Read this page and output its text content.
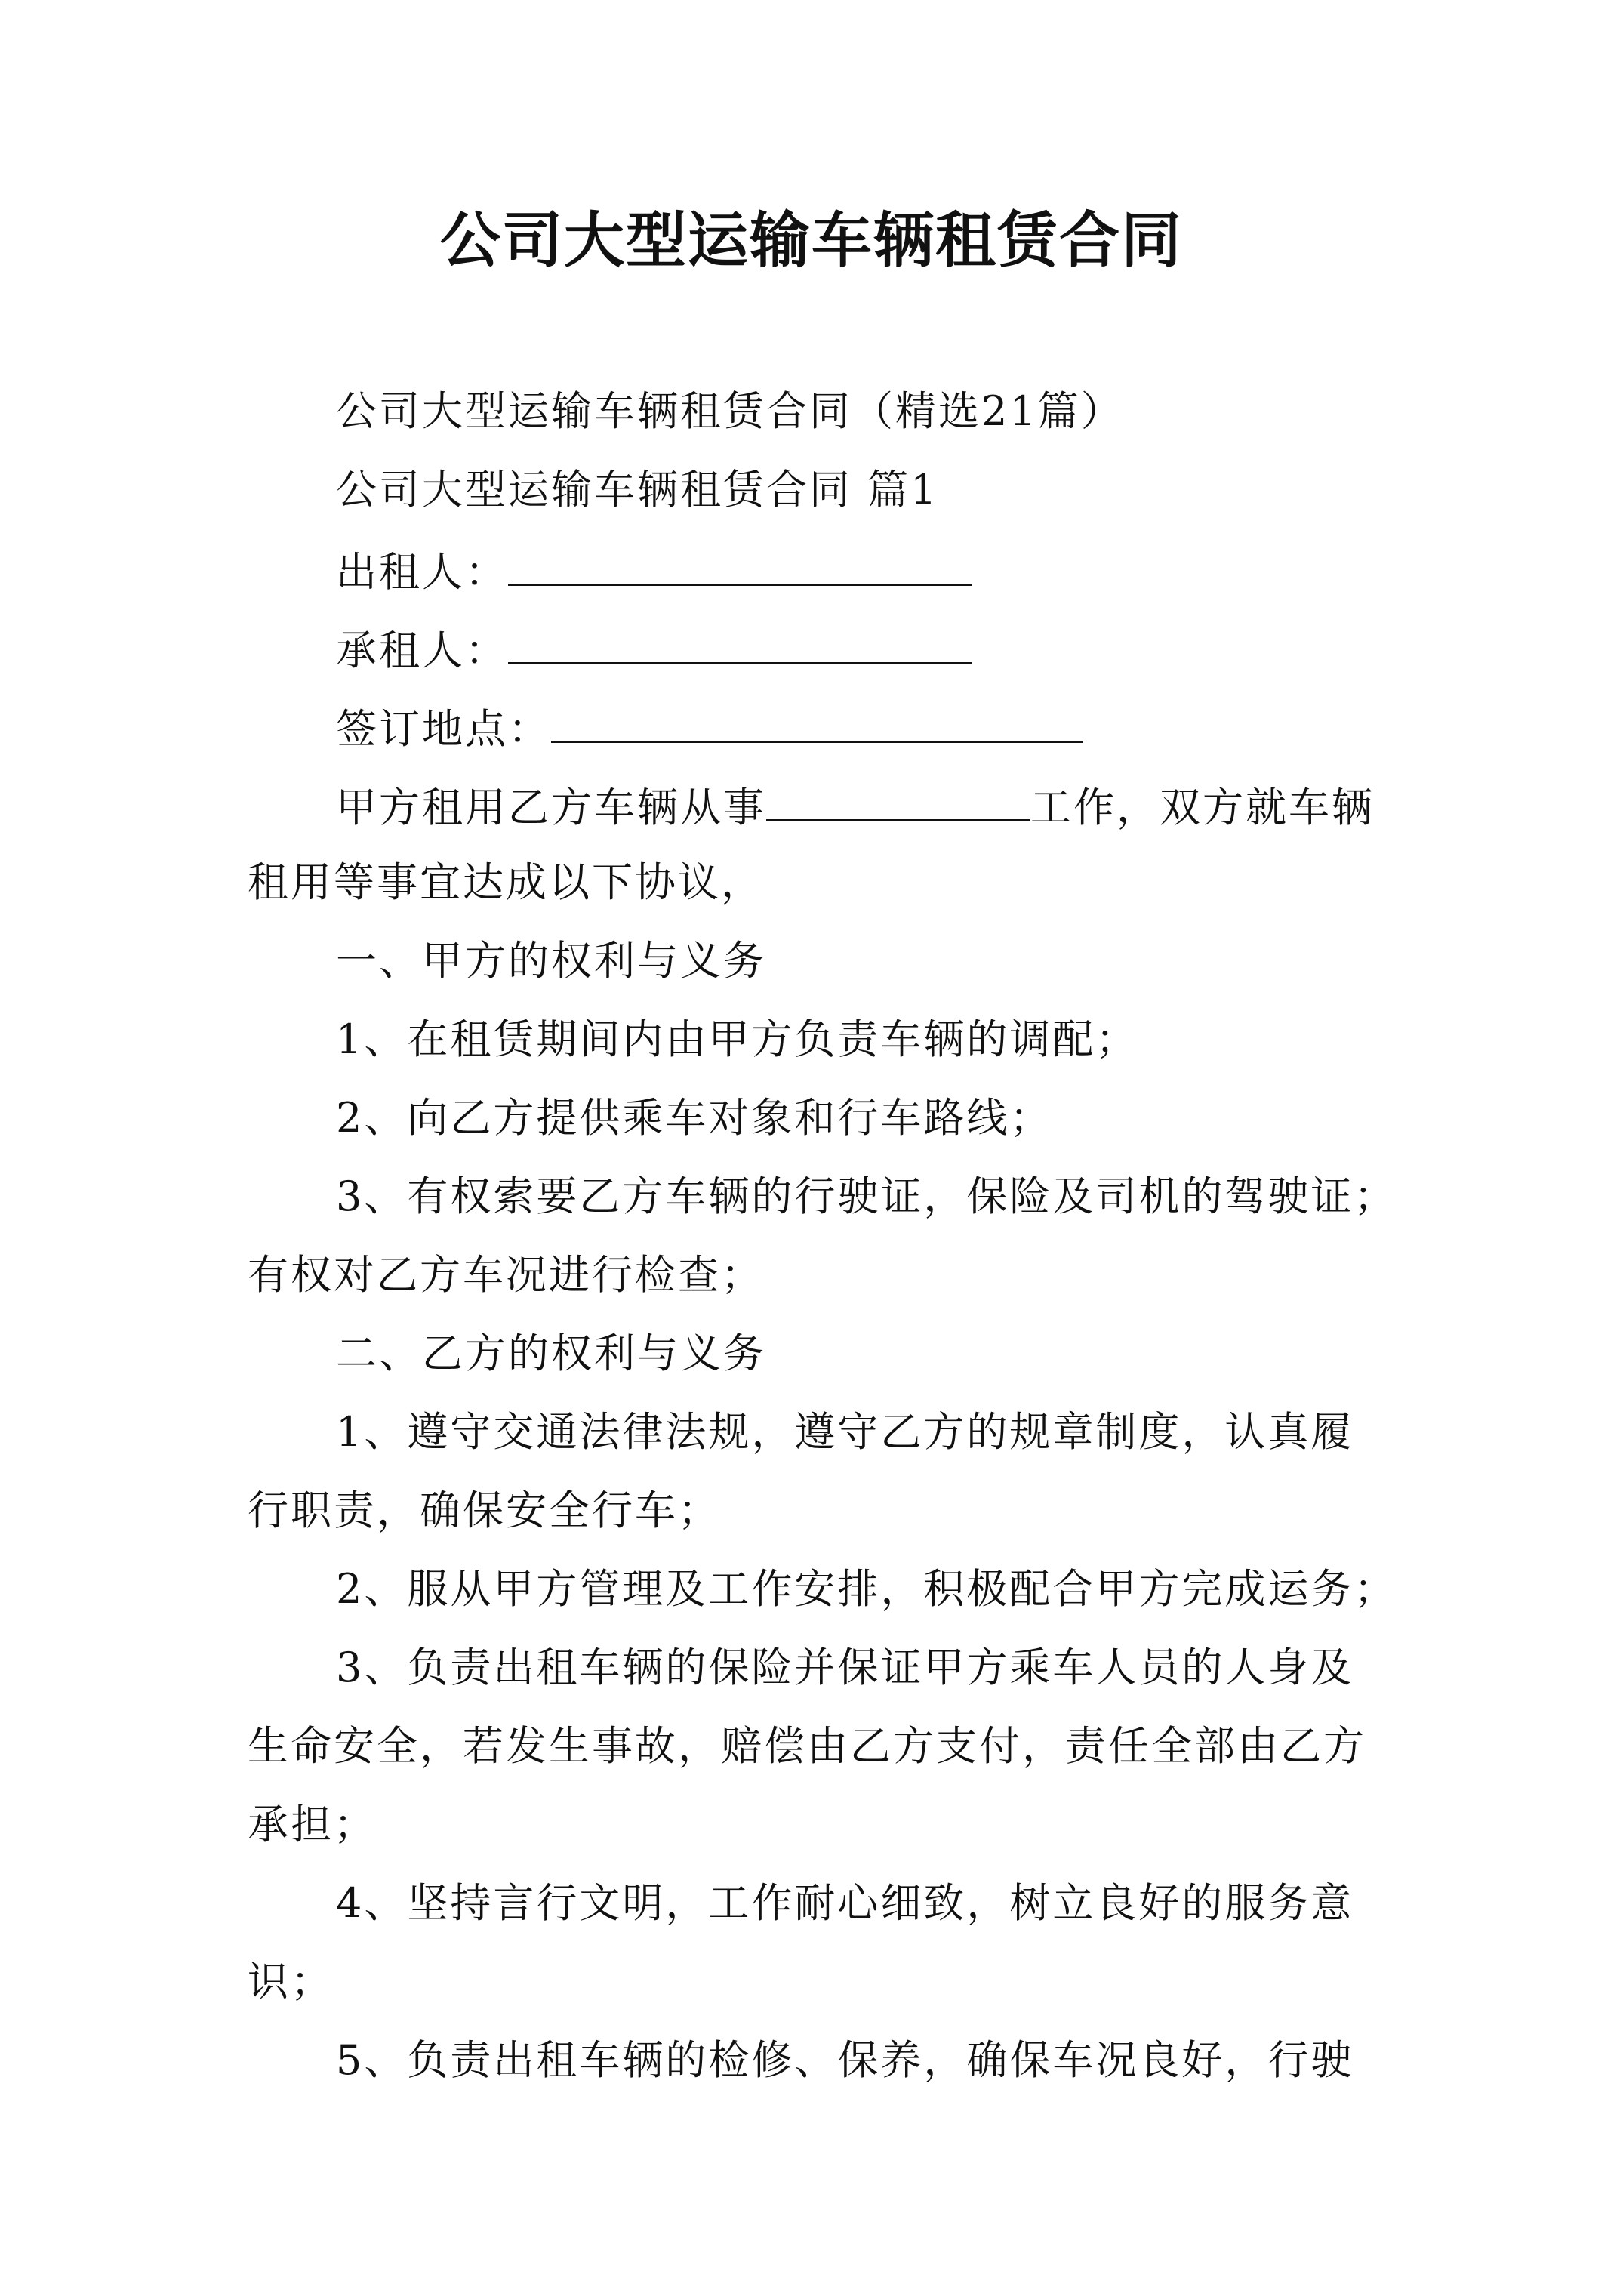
公司大型运输车辆租赁合同
公司大型运输车辆租赁合同（精选21篇）
公司大型运输车辆租赁合同 篇1
出租人：
承租人：
签订地点：
甲方租用乙方车辆从事	工作，双方就车辆
租用等事宜达成以下协议，
一、甲方的权利与义务
1、在租赁期间内由甲方负责车辆的调配；
2、向乙方提供乘车对象和行车路线；
3、有权索要乙方车辆的行驶证，保险及司机的驾驶证；
有权对乙方车况进行检查；
二、乙方的权利与义务
1、遵守交通法律法规，遵守乙方的规章制度，认真履
行职责，确保安全行车；
2、服从甲方管理及工作安排，积极配合甲方完成运务；
3、负责出租车辆的保险并保证甲方乘车人员的人身及
生命安全，若发生事故，赔偿由乙方支付，责任全部由乙方
承担；
4、坚持言行文明，工作耐心细致，树立良好的服务意
识；
5、负责出租车辆的检修、保养，确保车况良好，行驶
